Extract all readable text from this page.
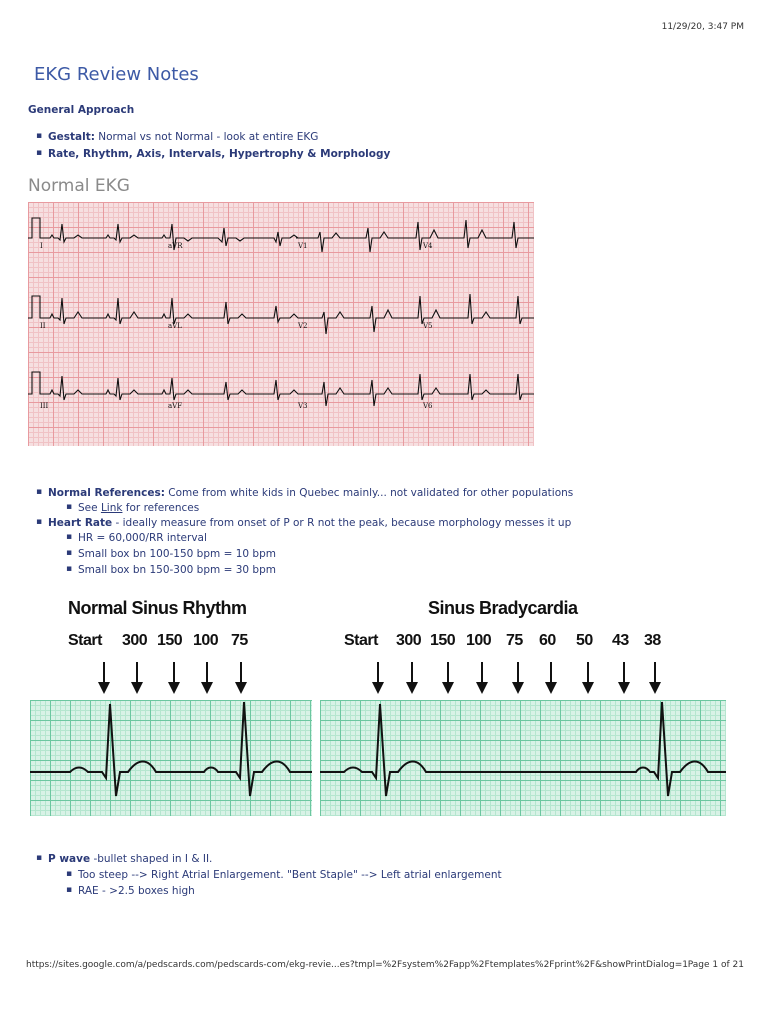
11/29/20, 3:47 PM
EKG Review Notes
General Approach
▪ Gestalt: Normal vs not Normal - look at entire EKG
▪ Rate, Rhythm, Axis, Intervals, Hypertrophy & Morphology
Normal EKG
I	aVR	V1	V4
II	aVL	V2	V5
III	aVF	V3	V6
▪ Normal References: Come from white kids in Quebec mainly... not validated for other populations
▪ See Link for references
▪ Heart Rate - ideally measure from onset of P or R not the peak, because morphology messes it up
▪ HR = 60,000/RR interval
▪ Small box bn 100-150 bpm = 10 bpm
▪ Small box bn 150-300 bpm = 30 bpm
Normal Sinus Rhythm	Sinus Bradycardia
Start 300 150 100 75	Start 300 150 100 75 60 50 43 38
▪ P wave -bullet shaped in I & II.
▪ Too steep --> Right Atrial Enlargement. "Bent Staple" --> Left atrial enlargement
▪ RAE - >2.5 boxes high
https://sites.google.com/a/pedscards.com/pedscards-com/ekg-revie...es?tmpl=%2Fsystem%2Fapp%2Ftemplates%2Fprint%2F&showPrintDialog=1 Page 1 of 21
